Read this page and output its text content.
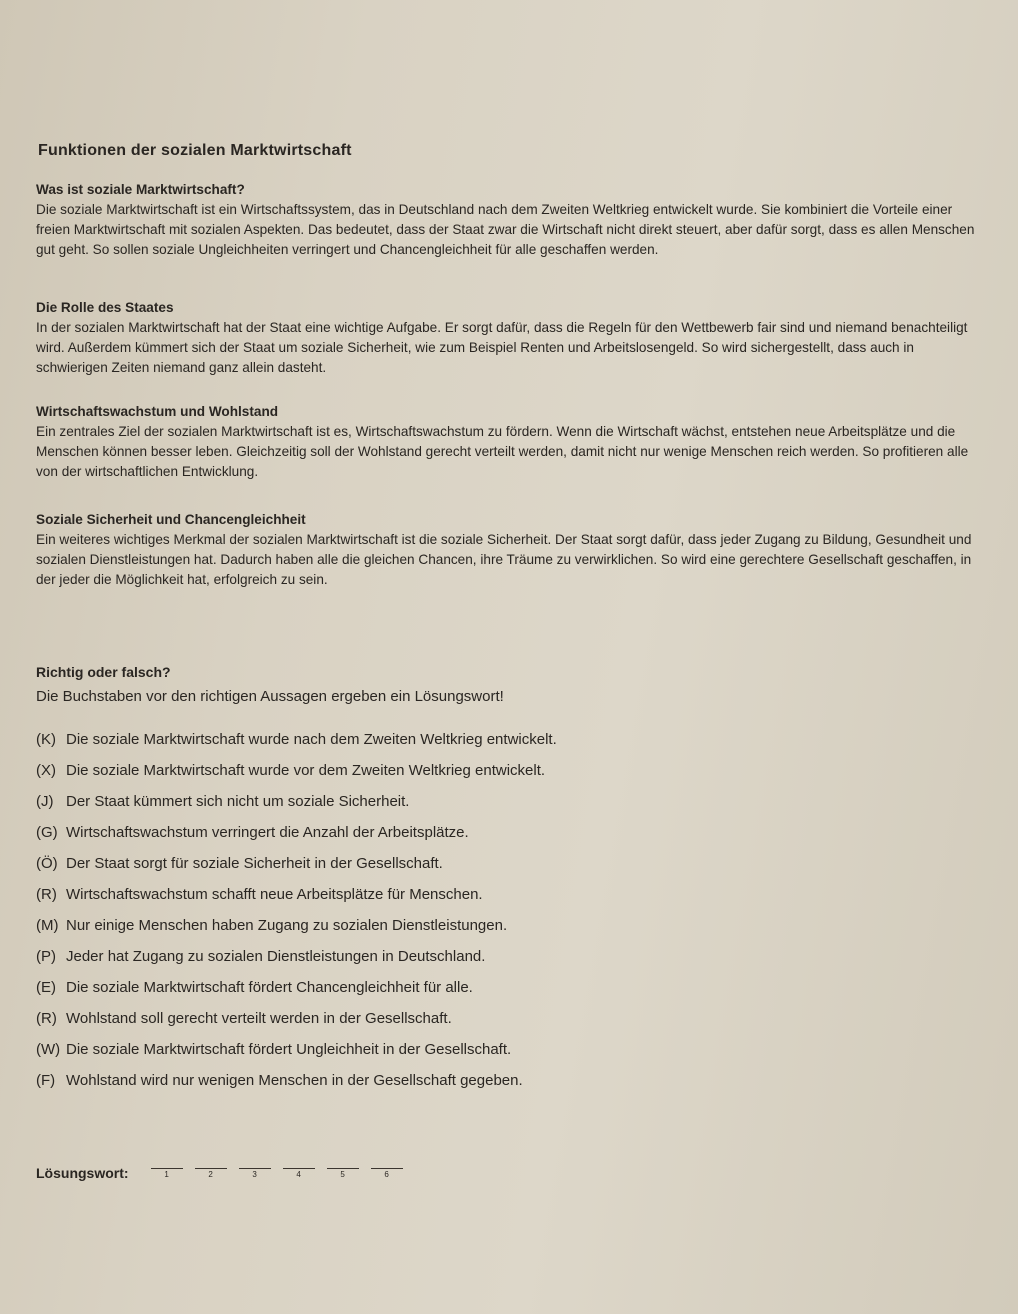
Funktionen der sozialen Marktwirtschaft
Was ist soziale Marktwirtschaft?

Die soziale Marktwirtschaft ist ein Wirtschaftssystem, das in Deutschland nach dem Zweiten Weltkrieg entwickelt wurde. Sie kombiniert die Vorteile einer freien Marktwirtschaft mit sozialen Aspekten. Das bedeutet, dass der Staat zwar die Wirtschaft nicht direkt steuert, aber dafür sorgt, dass es allen Menschen gut geht. So sollen soziale Ungleichheiten verringert und Chancengleichheit für alle geschaffen werden.

Die Rolle des Staates

In der sozialen Marktwirtschaft hat der Staat eine wichtige Aufgabe. Er sorgt dafür, dass die Regeln für den Wettbewerb fair sind und niemand benachteiligt wird. Außerdem kümmert sich der Staat um soziale Sicherheit, wie zum Beispiel Renten und Arbeitslosengeld. So wird sichergestellt, dass auch in schwierigen Zeiten niemand ganz allein dasteht.

Wirtschaftswachstum und Wohlstand

Ein zentrales Ziel der sozialen Marktwirtschaft ist es, Wirtschaftswachstum zu fördern. Wenn die Wirtschaft wächst, entstehen neue Arbeitsplätze und die Menschen können besser leben. Gleichzeitig soll der Wohlstand gerecht verteilt werden, damit nicht nur wenige Menschen reich werden. So profitieren alle von der wirtschaftlichen Entwicklung.

Soziale Sicherheit und Chancengleichheit

Ein weiteres wichtiges Merkmal der sozialen Marktwirtschaft ist die soziale Sicherheit. Der Staat sorgt dafür, dass jeder Zugang zu Bildung, Gesundheit und sozialen Dienstleistungen hat. Dadurch haben alle die gleichen Chancen, ihre Träume zu verwirklichen. So wird eine gerechtere Gesellschaft geschaffen, in der jeder die Möglichkeit hat, erfolgreich zu sein.

Richtig oder falsch?
Die Buchstaben vor den richtigen Aussagen ergeben ein Lösungswort!
(K) Die soziale Marktwirtschaft wurde nach dem Zweiten Weltkrieg entwickelt.
(X) Die soziale Marktwirtschaft wurde vor dem Zweiten Weltkrieg entwickelt.
(J) Der Staat kümmert sich nicht um soziale Sicherheit.
(G) Wirtschaftswachstum verringert die Anzahl der Arbeitsplätze.
(Ö) Der Staat sorgt für soziale Sicherheit in der Gesellschaft.
(R) Wirtschaftswachstum schafft neue Arbeitsplätze für Menschen.
(M) Nur einige Menschen haben Zugang zu sozialen Dienstleistungen.
(P) Jeder hat Zugang zu sozialen Dienstleistungen in Deutschland.
(E) Die soziale Marktwirtschaft fördert Chancengleichheit für alle.
(R) Wohlstand soll gerecht verteilt werden in der Gesellschaft.
(W) Die soziale Marktwirtschaft fördert Ungleichheit in der Gesellschaft.
(F) Wohlstand wird nur wenigen Menschen in der Gesellschaft gegeben.
Lösungswort:	1	2	3	4	5	6
